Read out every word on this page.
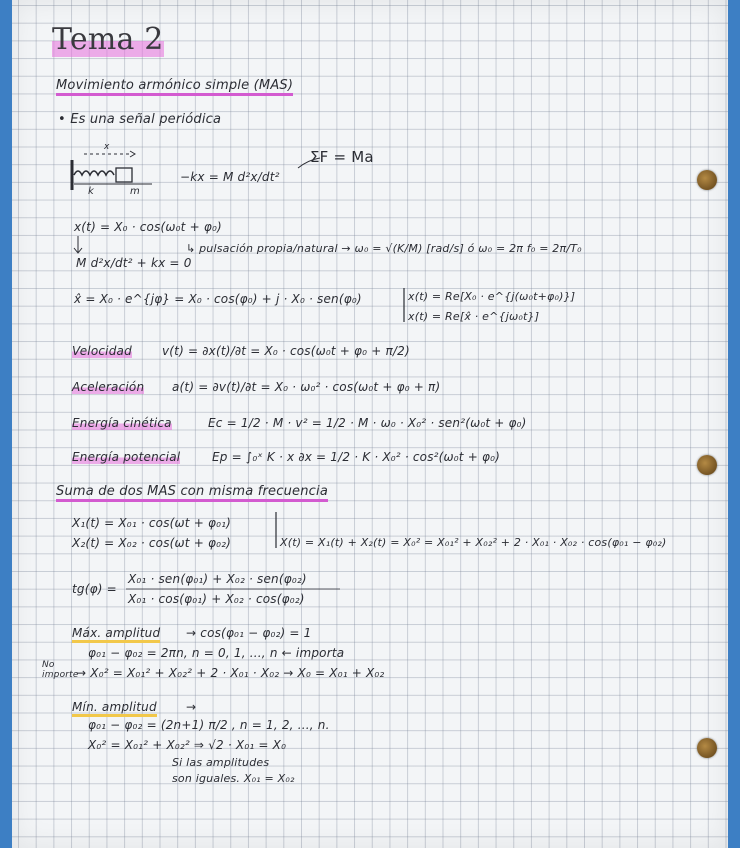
Tema 2
Movimiento armónico simple (MAS)
• Es una señal periódica
x
k	m
−kx = M d²x/dt²
ΣF = Ma
x(t) = X₀ · cos(ω₀t + φ₀)
↳ pulsación propia/natural → ω₀ = √(K/M) [rad/s] ó ω₀ = 2π f₀ = 2π/T₀
M d²x/dt² + kx = 0
x̂ = X₀ · e^{jφ} = X₀ · cos(φ₀) + j · X₀ · sen(φ₀)	x(t) = Re[X₀ · e^{j(ω₀t+φ₀)}]
x(t) = Re[x̂ · e^{jω₀t}]
Velocidad	v(t) = ∂x(t)/∂t = X₀ · cos(ω₀t + φ₀ + π/2)
Aceleración a(t) = ∂v(t)/∂t = X₀ · ω₀² · cos(ω₀t + φ₀ + π)
Energía cinética	Ec = 1/2 · M · v² = 1/2 · M · ω₀ · X₀² · sen²(ω₀t + φ₀)
Energía potencial	Ep = ∫₀ˣ K · x ∂x = 1/2 · K · X₀² · cos²(ω₀t + φ₀)
Suma de dos MAS con misma frecuencia
X₁(t) = X₀₁ · cos(ωt + φ₀₁)
X₂(t) = X₀₂ · cos(ωt + φ₀₂)	X(t) = X₁(t) + X₂(t) = X₀² = X₀₁² + X₀₂² + 2 · X₀₁ · X₀₂ · cos(φ₀₁ − φ₀₂)
tg(φ) =
X₀₁ · sen(φ₀₁) + X₀₂ · sen(φ₀₂)
X₀₁ · cos(φ₀₁) + X₀₂ · cos(φ₀₂)
Máx. amplitud → cos(φ₀₁ − φ₀₂) = 1
φ₀₁ − φ₀₂ = 2πn, n = 0, 1, ..., n ← importa
No importe
→ X₀² = X₀₁² + X₀₂² + 2 · X₀₁ · X₀₂ → X₀ = X₀₁ + X₀₂
Mín. amplitud →
φ₀₁ − φ₀₂ = (2n+1) π/2 , n = 1, 2, ..., n.
X₀² = X₀₁² + X₀₂² ⇒ √2 · X₀₁ = X₀
Si las amplitudes
son iguales. X₀₁ = X₀₂
